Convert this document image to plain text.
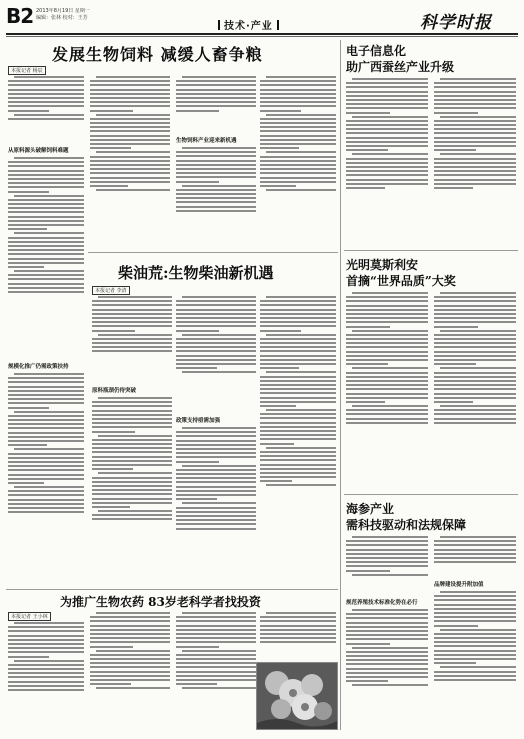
B2 2013年8月19日 星期一
编辑：张林 校对：王芳
技术·产业	科学时报
发展生物饲料 减缓人畜争粮
本报记者 杨辰
从原料源头破解饲料难题
生物饲料产业迎来新机遇
电子信息化
助广西蚕丝产业升级
光明莫斯利安
首摘“世界品质”大奖
柴油荒:生物柴油新机遇
本报记者 李清
原料瓶颈仍待突破
政策支持亟需加强
规模化推广仍需政策扶持
海参产业
需科技驱动和法规保障
规范养殖技术标准化势在必行
品牌建设提升附加值
为推广生物农药 83岁老科学者找投资
本报记者 王小林
